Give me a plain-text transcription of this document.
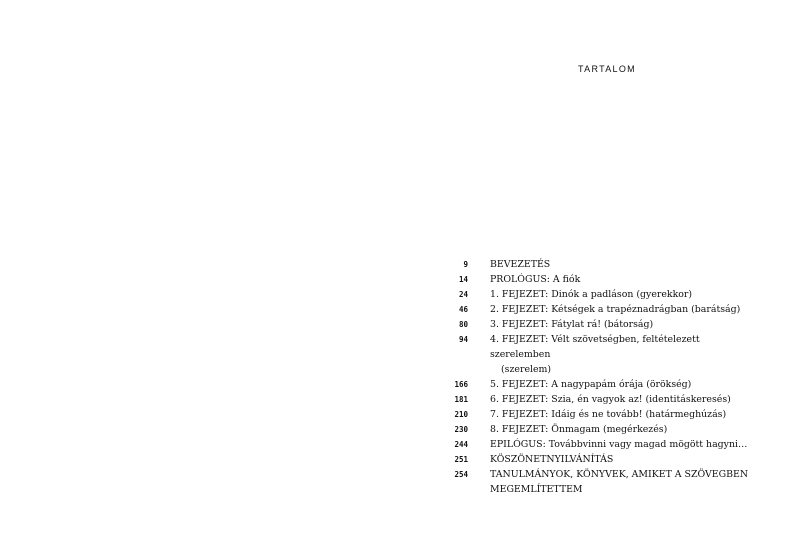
TARTALOM
9 BEVEZETÉS
14 PROLÓGUS: A fiók
24 1. FEJEZET: Dinók a padláson (gyerekkor)
46 2. FEJEZET: Kétségek a trapéznadrágban (barátság)
80 3. FEJEZET: Fátylat rá! (bátorság)
94 4. FEJEZET: Vélt szövetségben, feltételezett szerelemben
(szerelem)
166 5. FEJEZET: A nagypapám órája (örökség)
181 6. FEJEZET: Szia, én vagyok az! (identitáskeresés)
210 7. FEJEZET: Idáig és ne tovább! (határmeghúzás)
230 8. FEJEZET: Önmagam (megérkezés)
244 EPILÓGUS: Továbbvinni vagy magad mögött hagyni…
251 KÖSZÖNETNYILVÁNÍTÁS
254 TANULMÁNYOK, KÖNYVEK, AMIKET A SZÖVEGBEN
MEGEMLÍTETTEM
